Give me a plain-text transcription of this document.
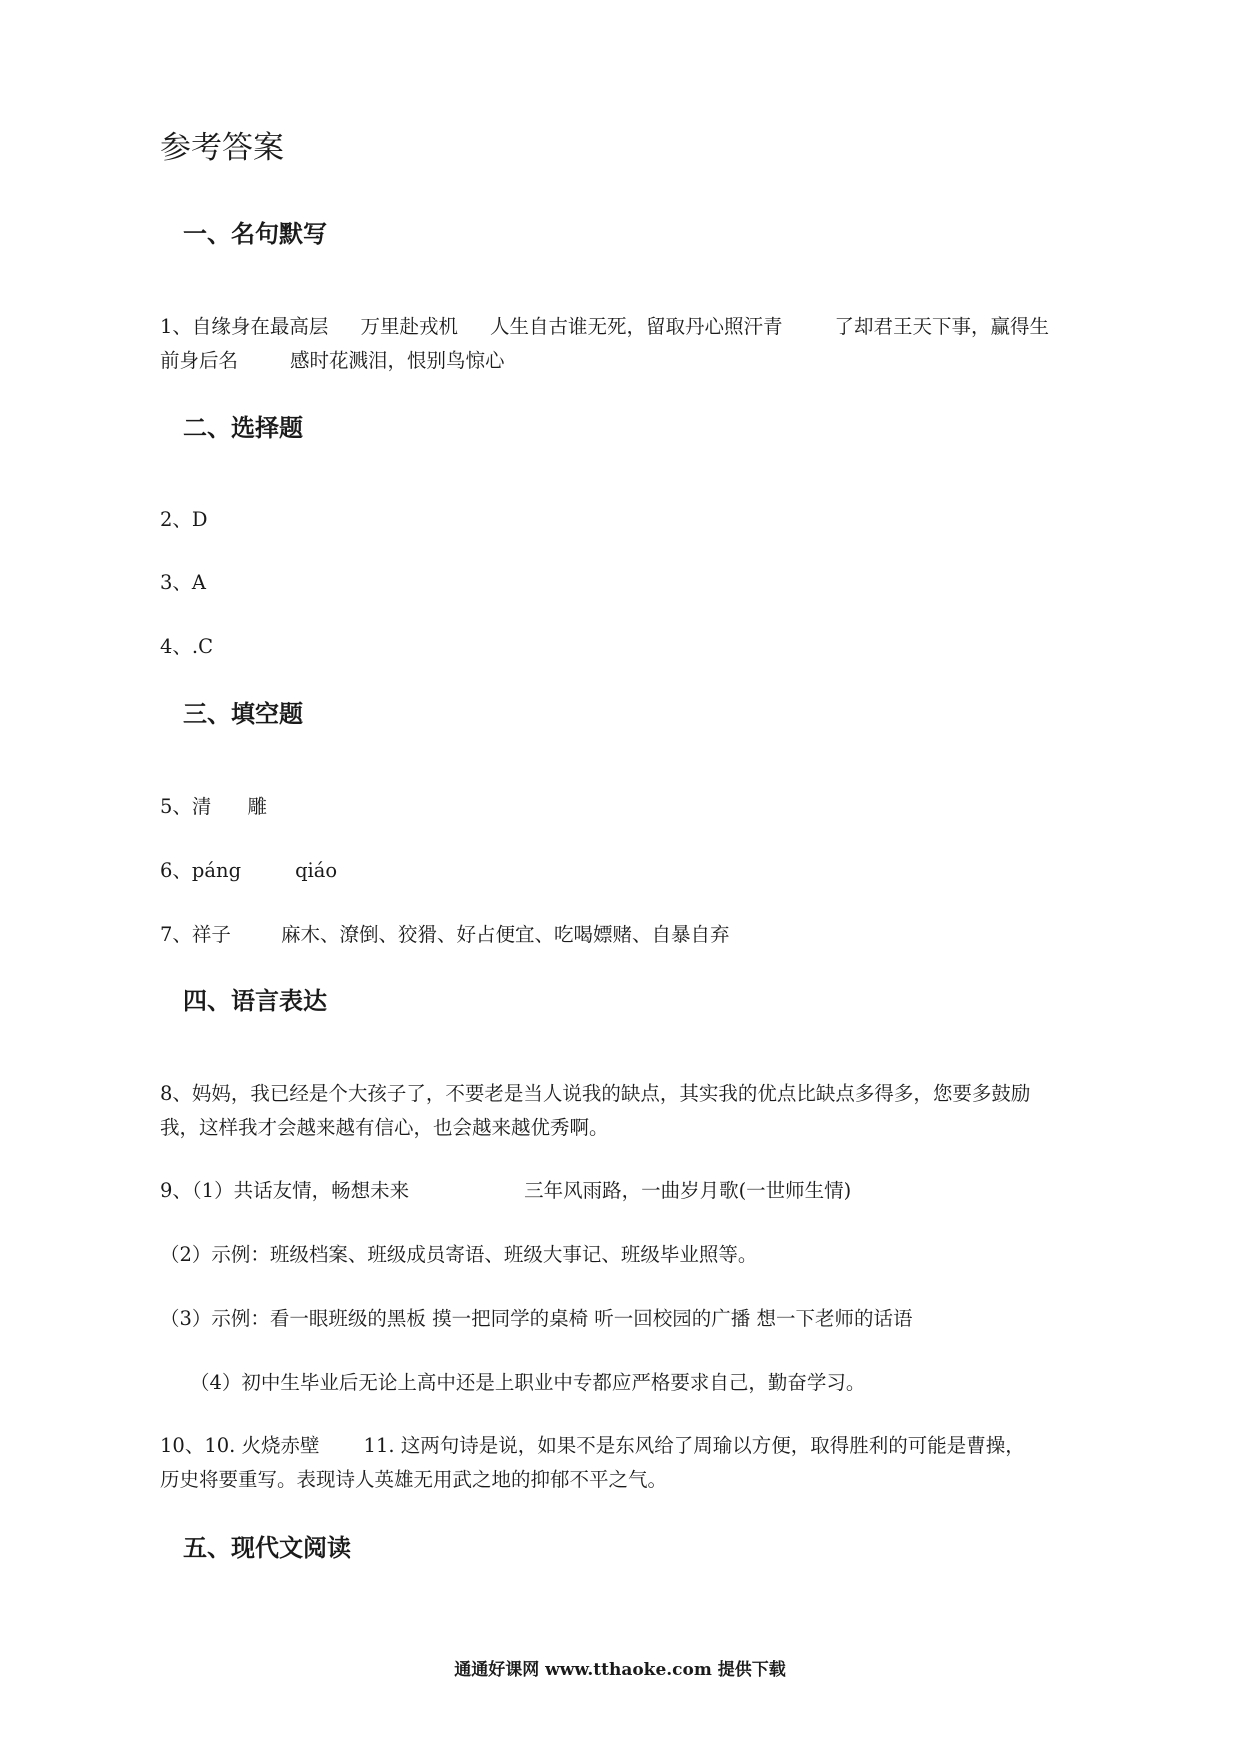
参考答案
一、名句默写

1、自缘身在最高层 万里赴戎机 人生自古谁无死，留取丹心照汗青	了却君王天下事，赢得生

前身后名	感时花溅泪，恨别鸟惊心

二、选择题

2、D

3、A

4、.C

三、填空题

5、清 雕

6、páng	qiáo

7、祥子	麻木、潦倒、狡猾、好占便宜、吃喝嫖赌、自暴自弃

四、语言表达

8、妈妈，我已经是个大孩子了，不要老是当人说我的缺点，其实我的优点比缺点多得多，您要多鼓励

我，这样我才会越来越有信心，也会越来越优秀啊。

9、（1）共话友情，畅想未来	三年风雨路，一曲岁月歌(一世师生情)

（2）示例：班级档案、班级成员寄语、班级大事记、班级毕业照等。

（3）示例：看一眼班级的黑板 摸一把同学的桌椅 听一回校园的广播 想一下老师的话语

（4）初中生毕业后无论上高中还是上职业中专都应严格要求自己，勤奋学习。

10、10. 火烧赤壁 11. 这两句诗是说，如果不是东风给了周瑜以方便，取得胜利的可能是曹操，

历史将要重写。表现诗人英雄无用武之地的抑郁不平之气。

五、现代文阅读
通通好课网 www.tthaoke.com 提供下载
